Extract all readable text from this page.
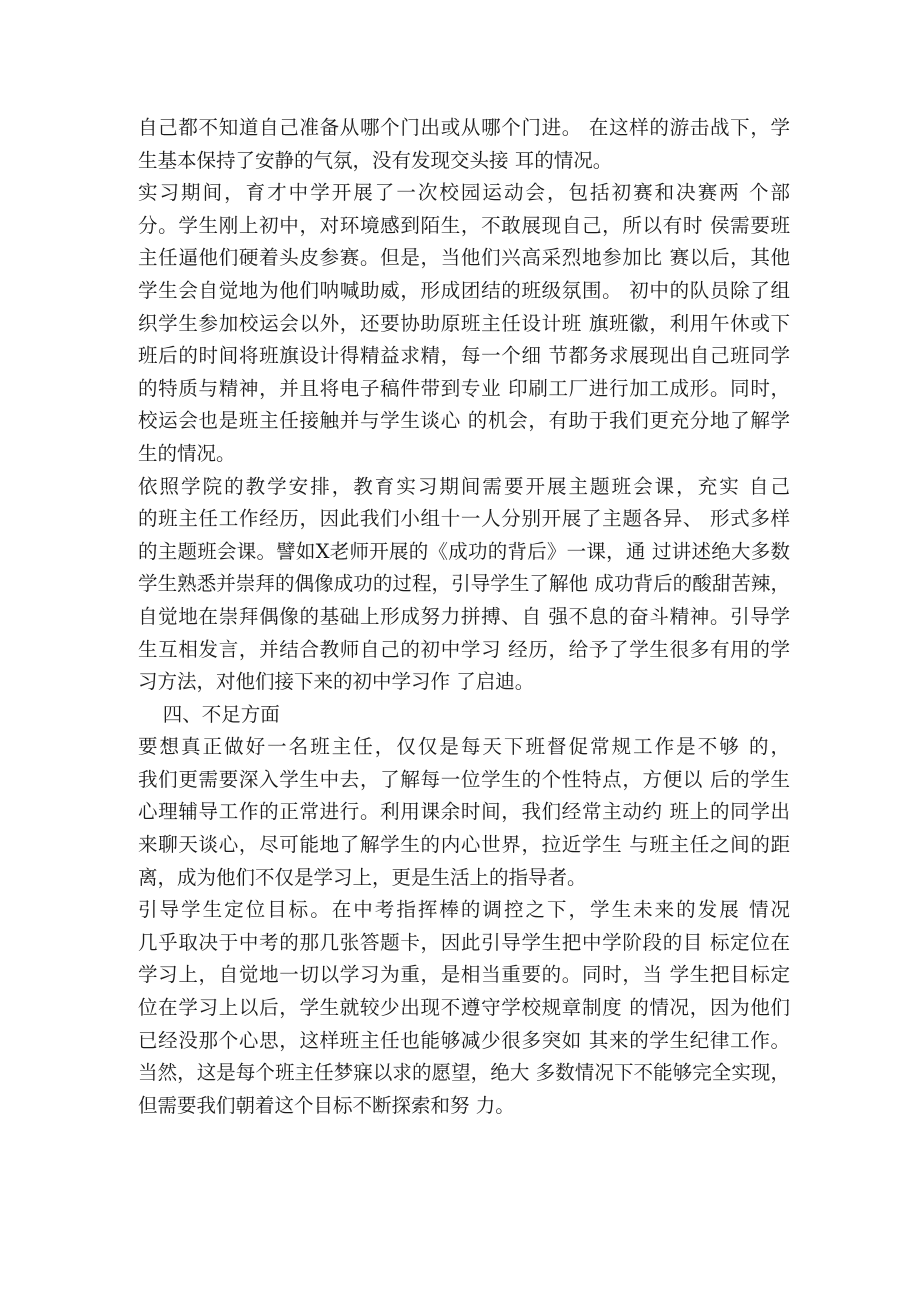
自己都不知道自己准备从哪个门出或从哪个门进。 在这样的游击战下，学
生基本保持了安静的气氛，没有发现交头接 耳的情况。
实习期间，育才中学开展了一次校园运动会，包括初赛和决赛两 个部
分。学生刚上初中，对环境感到陌生，不敢展现自己，所以有时 侯需要班
主任逼他们硬着头皮参赛。但是，当他们兴高采烈地参加比 赛以后，其他
学生会自觉地为他们呐喊助威，形成团结的班级氛围。 初中的队员除了组
织学生参加校运会以外，还要协助原班主任设计班 旗班徽，利用午休或下
班后的时间将班旗设计得精益求精，每一个细 节都务求展现出自己班同学
的特质与精神，并且将电子稿件带到专业 印刷工厂进行加工成形。同时，
校运会也是班主任接触并与学生谈心 的机会，有助于我们更充分地了解学
生的情况。
依照学院的教学安排，教育实习期间需要开展主题班会课，充实 自己
的班主任工作经历，因此我们小组十一人分别开展了主题各异、 形式多样
的主题班会课。譬如X老师开展的《成功的背后》一课，通 过讲述绝大多数
学生熟悉并崇拜的偶像成功的过程，引导学生了解他 成功背后的酸甜苦辣，
自觉地在崇拜偶像的基础上形成努力拼搏、自 强不息的奋斗精神。引导学
生互相发言，并结合教师自己的初中学习 经历，给予了学生很多有用的学
习方法，对他们接下来的初中学习作 了启迪。
四、不足方面
要想真正做好一名班主任，仅仅是每天下班督促常规工作是不够 的，
我们更需要深入学生中去，了解每一位学生的个性特点，方便以 后的学生
心理辅导工作的正常进行。利用课余时间，我们经常主动约 班上的同学出
来聊天谈心，尽可能地了解学生的内心世界，拉近学生 与班主任之间的距
离，成为他们不仅是学习上，更是生活上的指导者。
引导学生定位目标。在中考指挥棒的调控之下，学生未来的发展 情况
几乎取决于中考的那几张答题卡，因此引导学生把中学阶段的目 标定位在
学习上，自觉地一切以学习为重，是相当重要的。同时，当 学生把目标定
位在学习上以后，学生就较少出现不遵守学校规章制度 的情况，因为他们
已经没那个心思，这样班主任也能够减少很多突如 其来的学生纪律工作。
当然，这是每个班主任梦寐以求的愿望，绝大 多数情况下不能够完全实现，
但需要我们朝着这个目标不断探索和努 力。
